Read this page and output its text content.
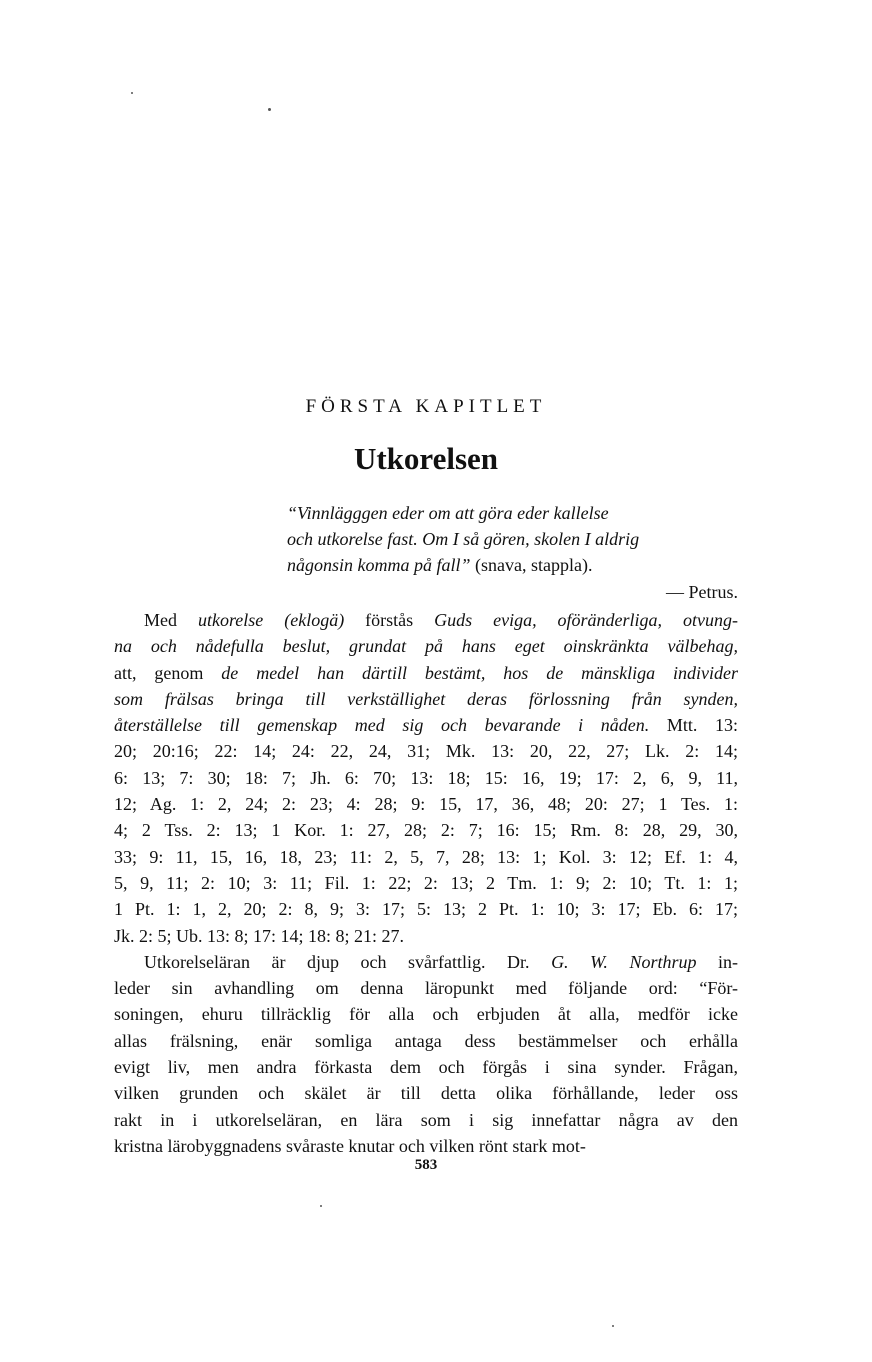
FÖRSTA KAPITLET
Utkorelsen
“Vinnlägggen eder om att göra eder kallelse
och utkorelse fast. Om I så gören, skolen I aldrig
någonsin komma på fall” (snava, stappla).
— Petrus.
Med utkorelse (eklogä) förstås Guds eviga, oföränderliga, otvung-
na och nådefulla beslut, grundat på hans eget oinskränkta välbehag,
att, genom de medel han därtill bestämt, hos de mänskliga individer
som frälsas bringa till verkställighet deras förlossning från synden,
återställelse till gemenskap med sig och bevarande i nåden. Mtt. 13:
20; 20:16; 22: 14; 24: 22, 24, 31; Mk. 13: 20, 22, 27; Lk. 2: 14;
6: 13; 7: 30; 18: 7; Jh. 6: 70; 13: 18; 15: 16, 19; 17: 2, 6, 9, 11,
12; Ag. 1: 2, 24; 2: 23; 4: 28; 9: 15, 17, 36, 48; 20: 27; 1 Tes. 1:
4; 2 Tss. 2: 13; 1 Kor. 1: 27, 28; 2: 7; 16: 15; Rm. 8: 28, 29, 30,
33; 9: 11, 15, 16, 18, 23; 11: 2, 5, 7, 28; 13: 1; Kol. 3: 12; Ef. 1: 4,
5, 9, 11; 2: 10; 3: 11; Fil. 1: 22; 2: 13; 2 Tm. 1: 9; 2: 10; Tt. 1: 1;
1 Pt. 1: 1, 2, 20; 2: 8, 9; 3: 17; 5: 13; 2 Pt. 1: 10; 3: 17; Eb. 6: 17;
Jk. 2: 5; Ub. 13: 8; 17: 14; 18: 8; 21: 27.
Utkorelseläran är djup och svårfattlig. Dr. G. W. Northrup in-
leder sin avhandling om denna läropunkt med följande ord: “För-
soningen, ehuru tillräcklig för alla och erbjuden åt alla, medför icke
allas frälsning, enär somliga antaga dess bestämmelser och erhålla
evigt liv, men andra förkasta dem och förgås i sina synder. Frågan,
vilken grunden och skälet är till detta olika förhållande, leder oss
rakt in i utkorelseläran, en lära som i sig innefattar några av den
kristna lärobyggnadens svåraste knutar och vilken rönt stark mot-
583
